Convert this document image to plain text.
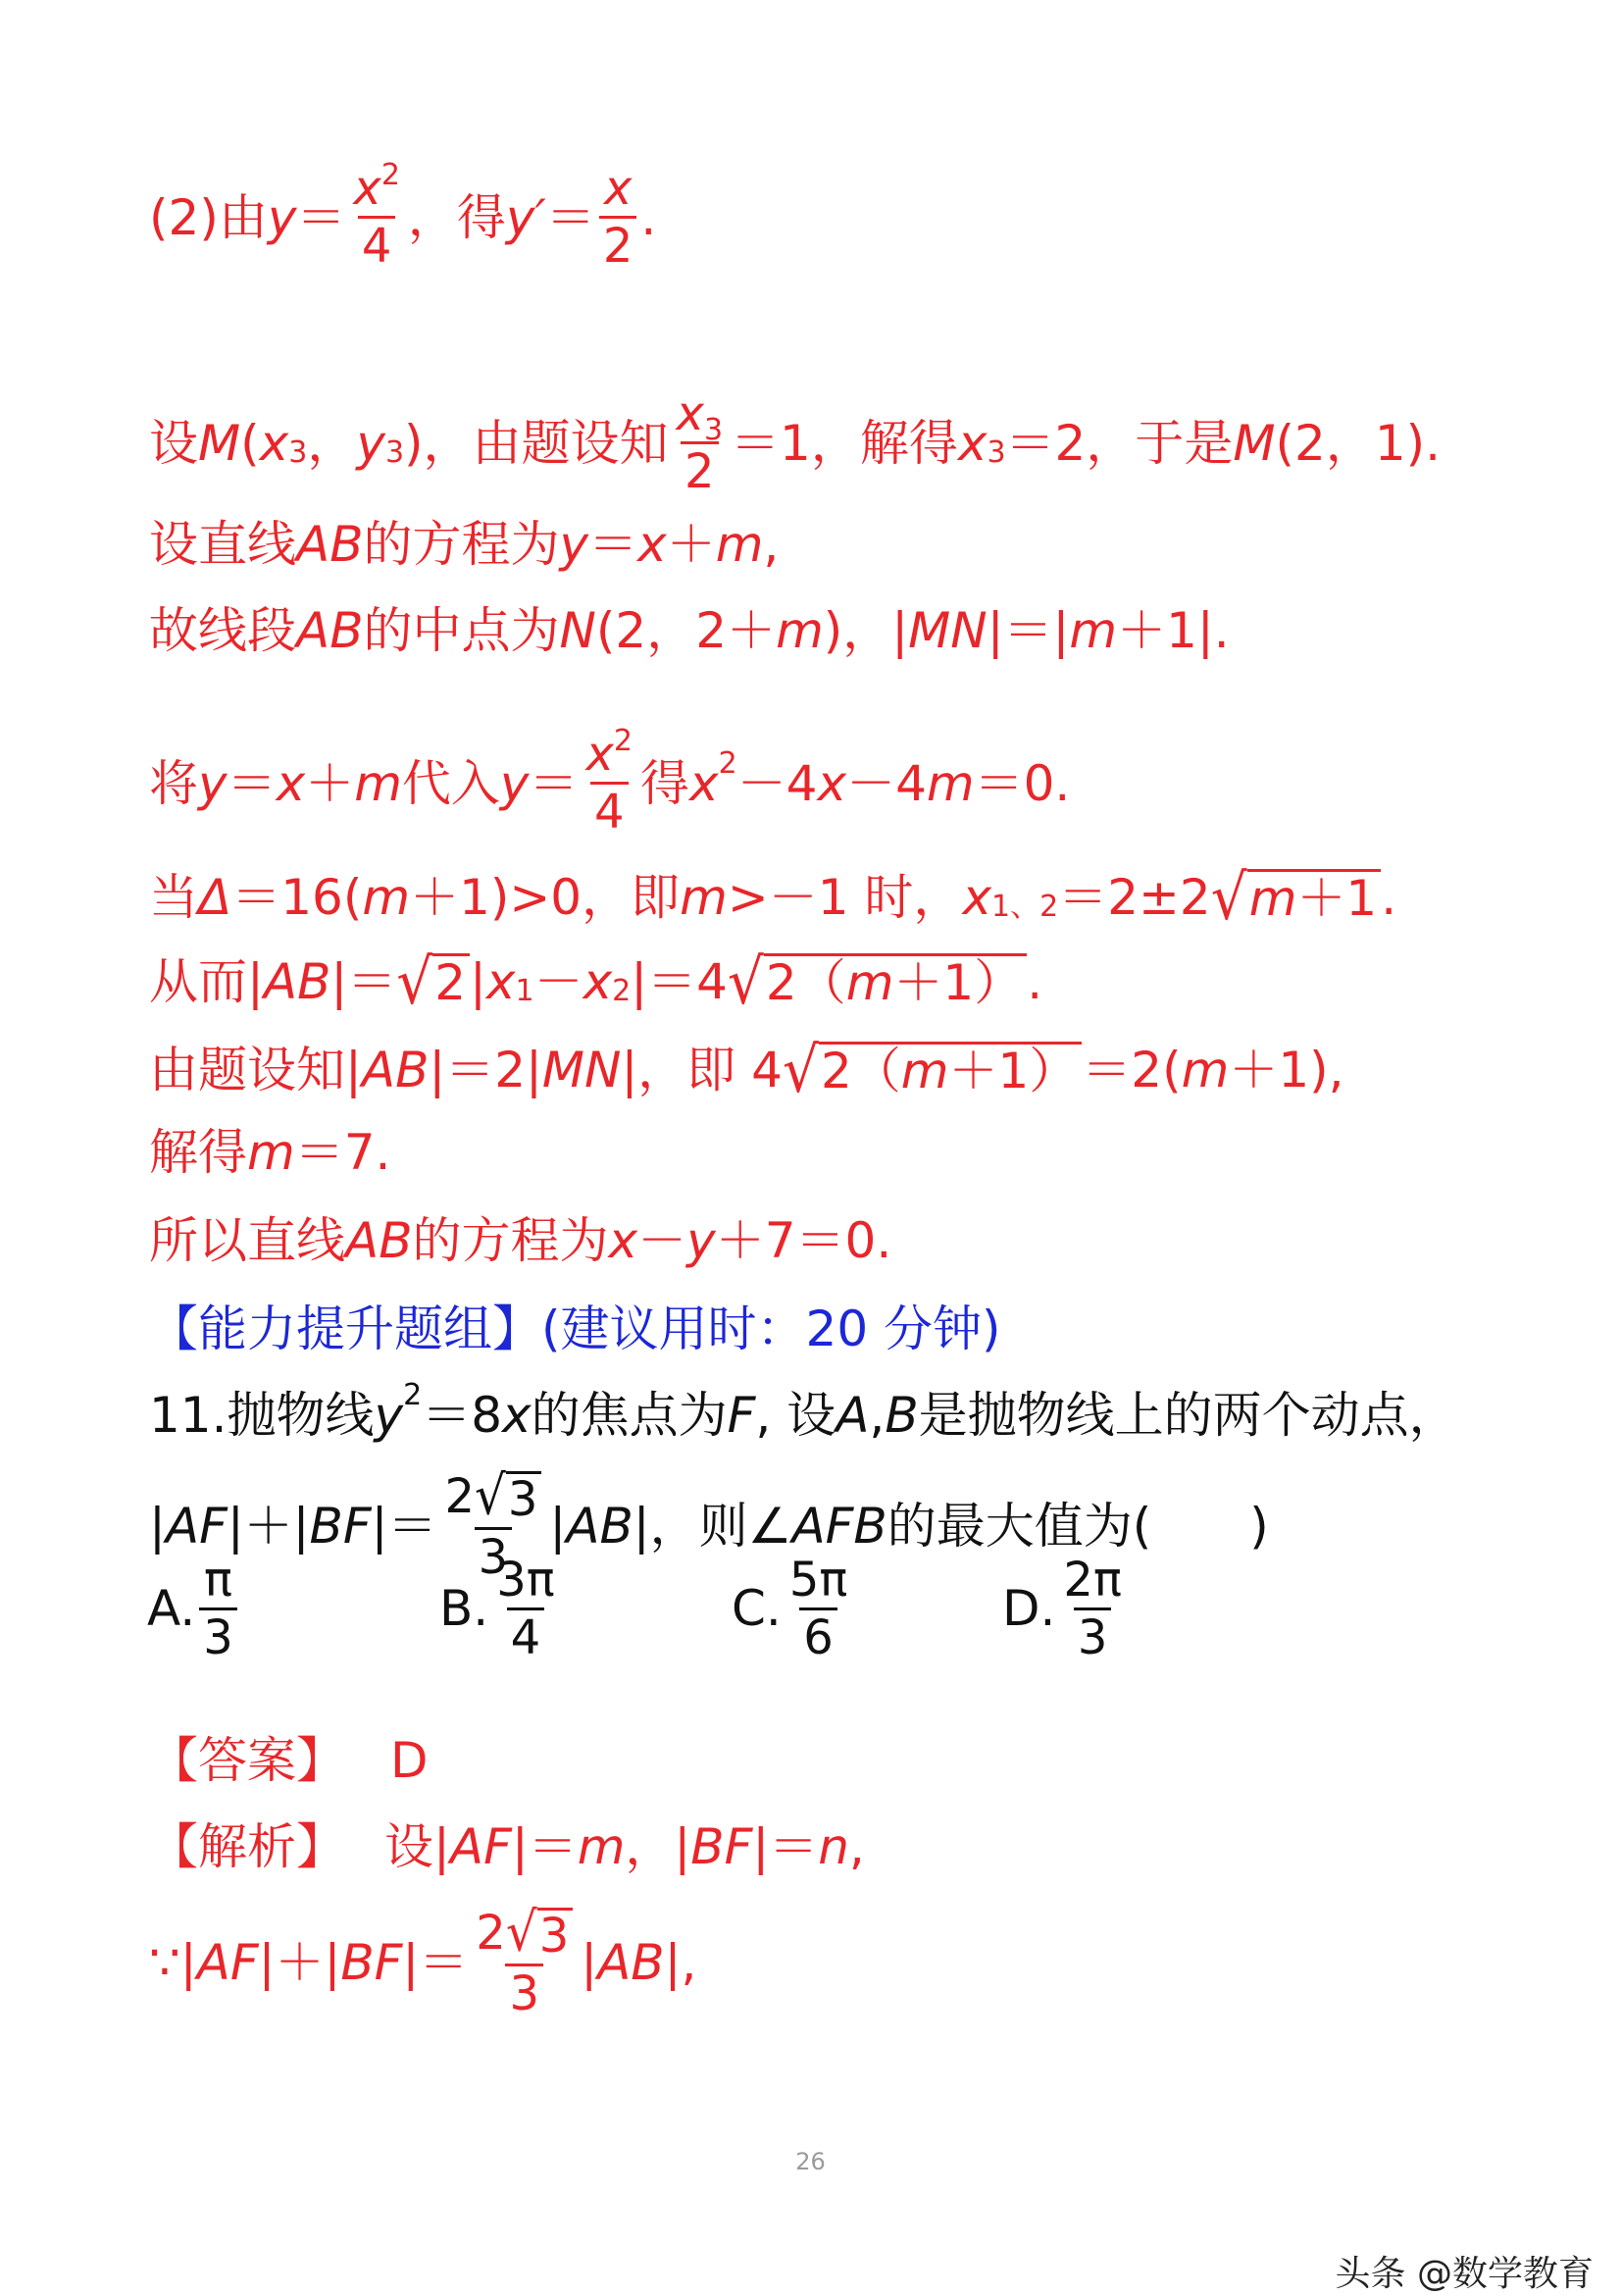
(2)由 $y = \frac{x^2}{4}$ ，得 $y' = \frac{x}{2}$ .
设 M ( x 3 ， y 3 )，由题设知 $\frac{x_3}{2} =1$，解得 x 3 ＝2，于是 M (2，1).
设直线 AB 的方程为 y ＝ x ＋ m ,
故线段 AB 的中点为 N (2，2＋ m )，| MN |＝| m ＋1|.
将 y ＝ x ＋ m 代入 $y = \frac{x^2}{4}$ 得 x 2 －4 x －4 m ＝0.
当 Δ ＝16( m ＋1)>0，即 m >－1 时， x 1、2 ＝2±2 √ m＋1 .
从而| AB |＝ √ 2 | x 1 － x 2 |＝4 √ 2（m＋1） .
由题设知| AB |＝2| MN |，即 4 √ 2（m＋1） ＝2( m ＋1),
解得 m ＝7.
所以直线 AB 的方程为 x － y ＋7＝0.
【能力提升题组】(建议用时：20 分钟)
11.抛物线 y 2 ＝8 x 的焦点为 F , 设 A , B 是抛物线上的两个动点，
| AF |＋| BF |＝ $\frac{2 √ 3}{3}$ | AB |，则∠ AFB 的最大值为(　　)
A. $\frac{\pi}{3}$	B. $\frac{3\pi}{4}$	C. $\frac{5\pi}{6}$	D. $\frac{2\pi}{3}$
【答案】 D
【解析】 设| AF |＝ m ，| BF |＝ n ,
∵| AF |＋| BF |＝ $\frac{2 √ 3}{3}$ | AB |,
26
头条 @数学教育
